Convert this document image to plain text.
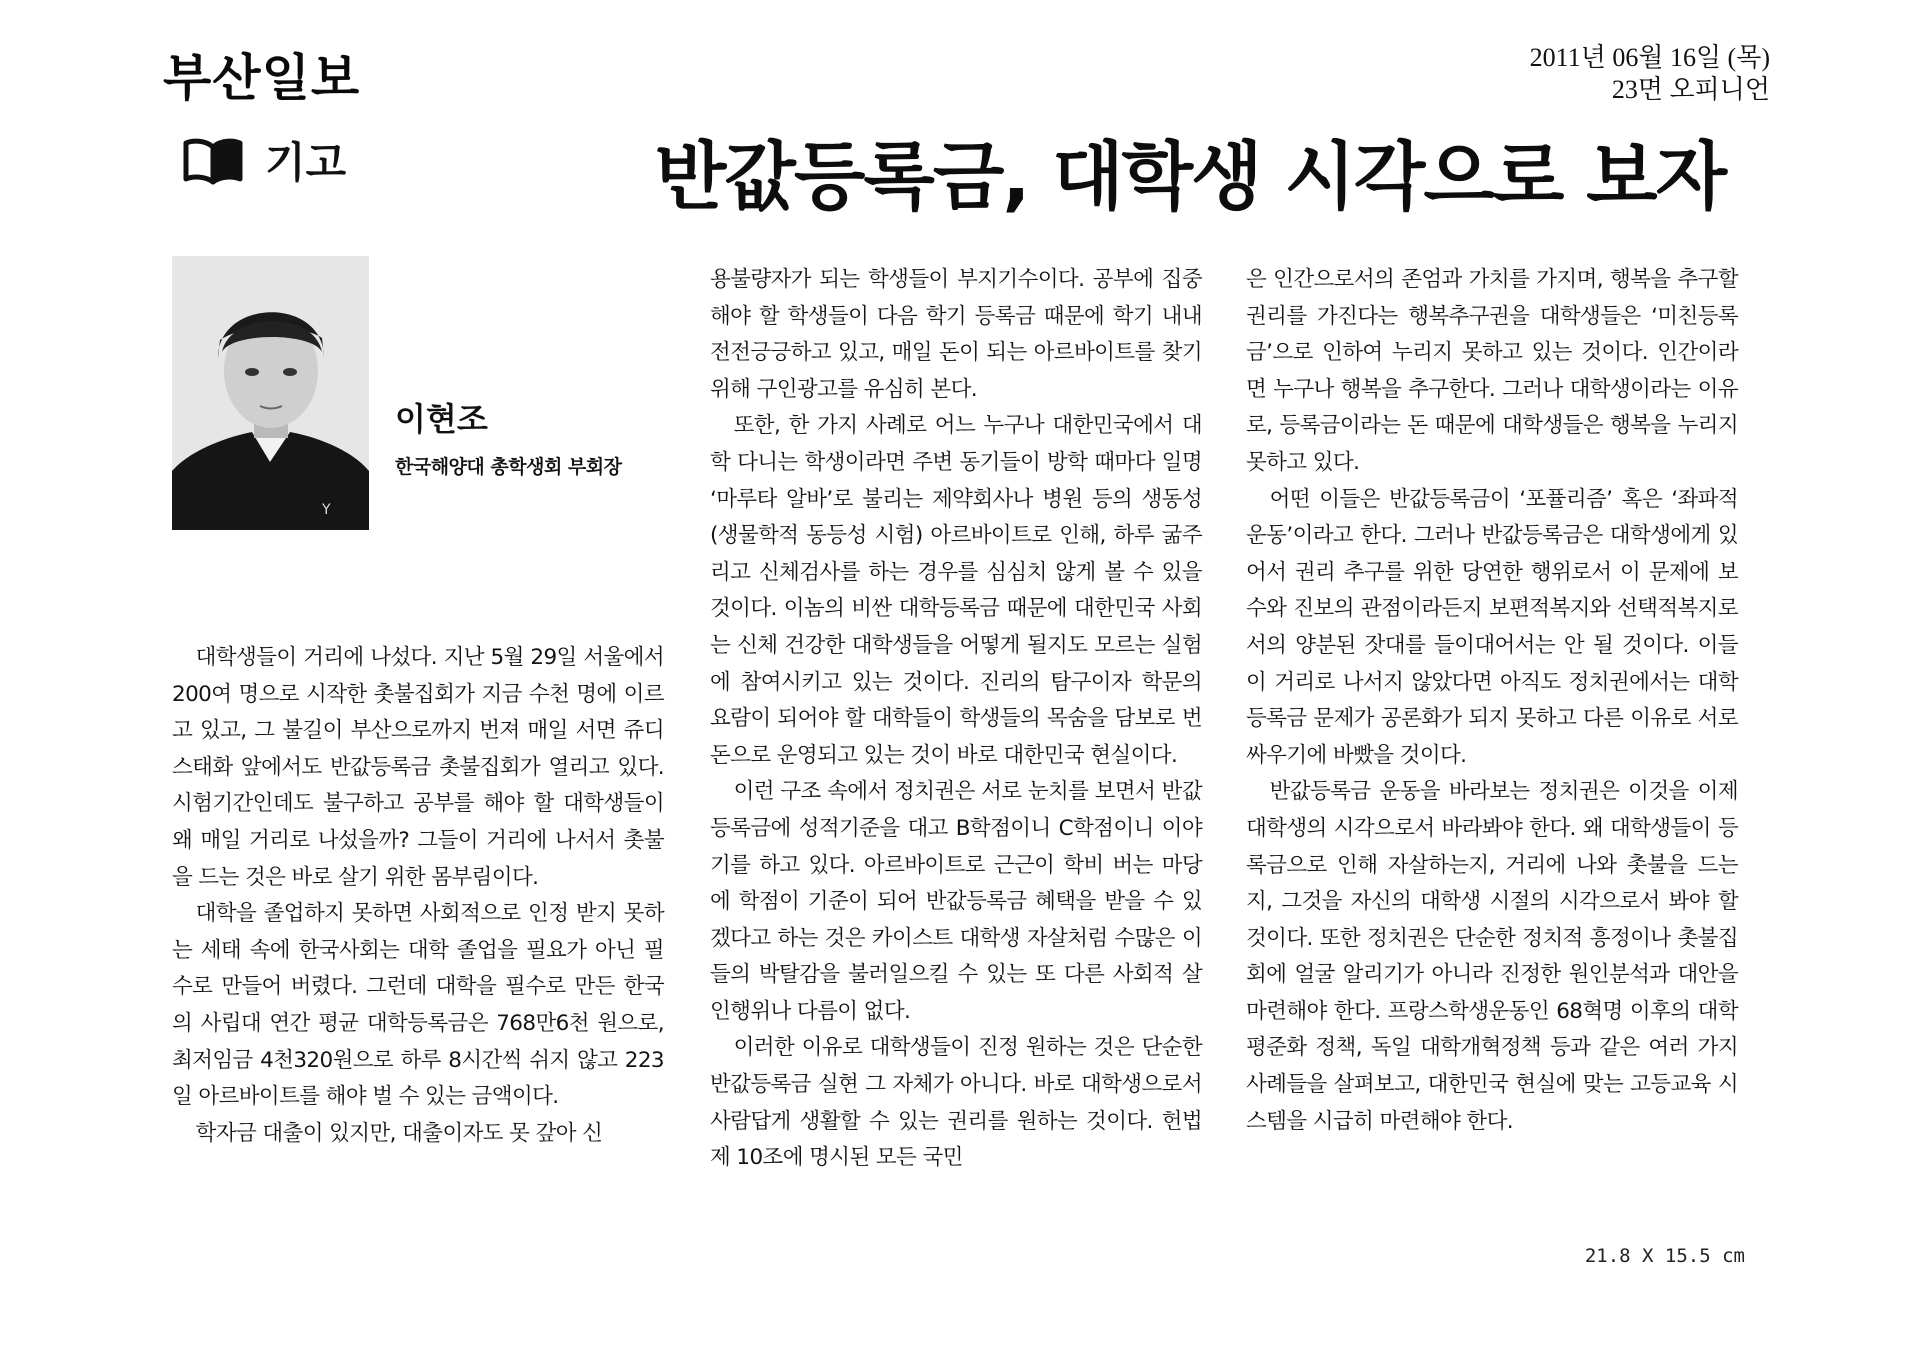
부산일보	2011년 06월 16일 (목)
23면 오피니언
기고	반값등록금, 대학생 시각으로 보자
Y
이현조
한국해양대 총학생회 부회장

대학생들이 거리에 나섰다. 지난 5월 29일 서울에서 200여 명으로 시작한 촛불집회가 지금 수천 명에 이르고 있고, 그 불길이 부산으로까지 번져 매일 서면 쥬디스태화 앞에서도 반값등록금 촛불집회가 열리고 있다. 시험기간인데도 불구하고 공부를 해야 할 대학생들이 왜 매일 거리로 나섰을까? 그들이 거리에 나서서 촛불을 드는 것은 바로 살기 위한 몸부림이다.

대학을 졸업하지 못하면 사회적으로 인정 받지 못하는 세태 속에 한국사회는 대학 졸업을 필요가 아닌 필수로 만들어 버렸다. 그런데 대학을 필수로 만든 한국의 사립대 연간 평균 대학등록금은 768만6천 원으로, 최저임금 4천320원으로 하루 8시간씩 쉬지 않고 223일 아르바이트를 해야 벌 수 있는 금액이다.

학자금 대출이 있지만, 대출이자도 못 갚아 신

용불량자가 되는 학생들이 부지기수이다. 공부에 집중해야 할 학생들이 다음 학기 등록금 때문에 학기 내내 전전긍긍하고 있고, 매일 돈이 되는 아르바이트를 찾기 위해 구인광고를 유심히 본다.

또한, 한 가지 사례로 어느 누구나 대한민국에서 대학 다니는 학생이라면 주변 동기들이 방학 때마다 일명 ‘마루타 알바’로 불리는 제약회사나 병원 등의 생동성(생물학적 동등성 시험) 아르바이트로 인해, 하루 굶주리고 신체검사를 하는 경우를 심심치 않게 볼 수 있을 것이다. 이놈의 비싼 대학등록금 때문에 대한민국 사회는 신체 건강한 대학생들을 어떻게 될지도 모르는 실험에 참여시키고 있는 것이다. 진리의 탐구이자 학문의 요람이 되어야 할 대학들이 학생들의 목숨을 담보로 번 돈으로 운영되고 있는 것이 바로 대한민국 현실이다.

이런 구조 속에서 정치권은 서로 눈치를 보면서 반값등록금에 성적기준을 대고 B학점이니 C학점이니 이야기를 하고 있다. 아르바이트로 근근이 학비 버는 마당에 학점이 기준이 되어 반값등록금 혜택을 받을 수 있겠다고 하는 것은 카이스트 대학생 자살처럼 수많은 이들의 박탈감을 불러일으킬 수 있는 또 다른 사회적 살인행위나 다름이 없다.

이러한 이유로 대학생들이 진정 원하는 것은 단순한 반값등록금 실현 그 자체가 아니다. 바로 대학생으로서 사람답게 생활할 수 있는 권리를 원하는 것이다. 헌법 제 10조에 명시된 모든 국민

은 인간으로서의 존엄과 가치를 가지며, 행복을 추구할 권리를 가진다는 행복추구권을 대학생들은 ‘미친등록금’으로 인하여 누리지 못하고 있는 것이다. 인간이라면 누구나 행복을 추구한다. 그러나 대학생이라는 이유로, 등록금이라는 돈 때문에 대학생들은 행복을 누리지 못하고 있다.

어떤 이들은 반값등록금이 ‘포퓰리즘’ 혹은 ‘좌파적 운동’이라고 한다. 그러나 반값등록금은 대학생에게 있어서 권리 추구를 위한 당연한 행위로서 이 문제에 보수와 진보의 관점이라든지 보편적복지와 선택적복지로서의 양분된 잣대를 들이대어서는 안 될 것이다. 이들이 거리로 나서지 않았다면 아직도 정치권에서는 대학등록금 문제가 공론화가 되지 못하고 다른 이유로 서로 싸우기에 바빴을 것이다.

반값등록금 운동을 바라보는 정치권은 이것을 이제 대학생의 시각으로서 바라봐야 한다. 왜 대학생들이 등록금으로 인해 자살하는지, 거리에 나와 촛불을 드는지, 그것을 자신의 대학생 시절의 시각으로서 봐야 할 것이다. 또한 정치권은 단순한 정치적 흥정이나 촛불집회에 얼굴 알리기가 아니라 진정한 원인분석과 대안을 마련해야 한다. 프랑스학생운동인 68혁명 이후의 대학평준화 정책, 독일 대학개혁정책 등과 같은 여러 가지 사례들을 살펴보고, 대한민국 현실에 맞는 고등교육 시스템을 시급히 마련해야 한다.

21.8 X 15.5 cm
